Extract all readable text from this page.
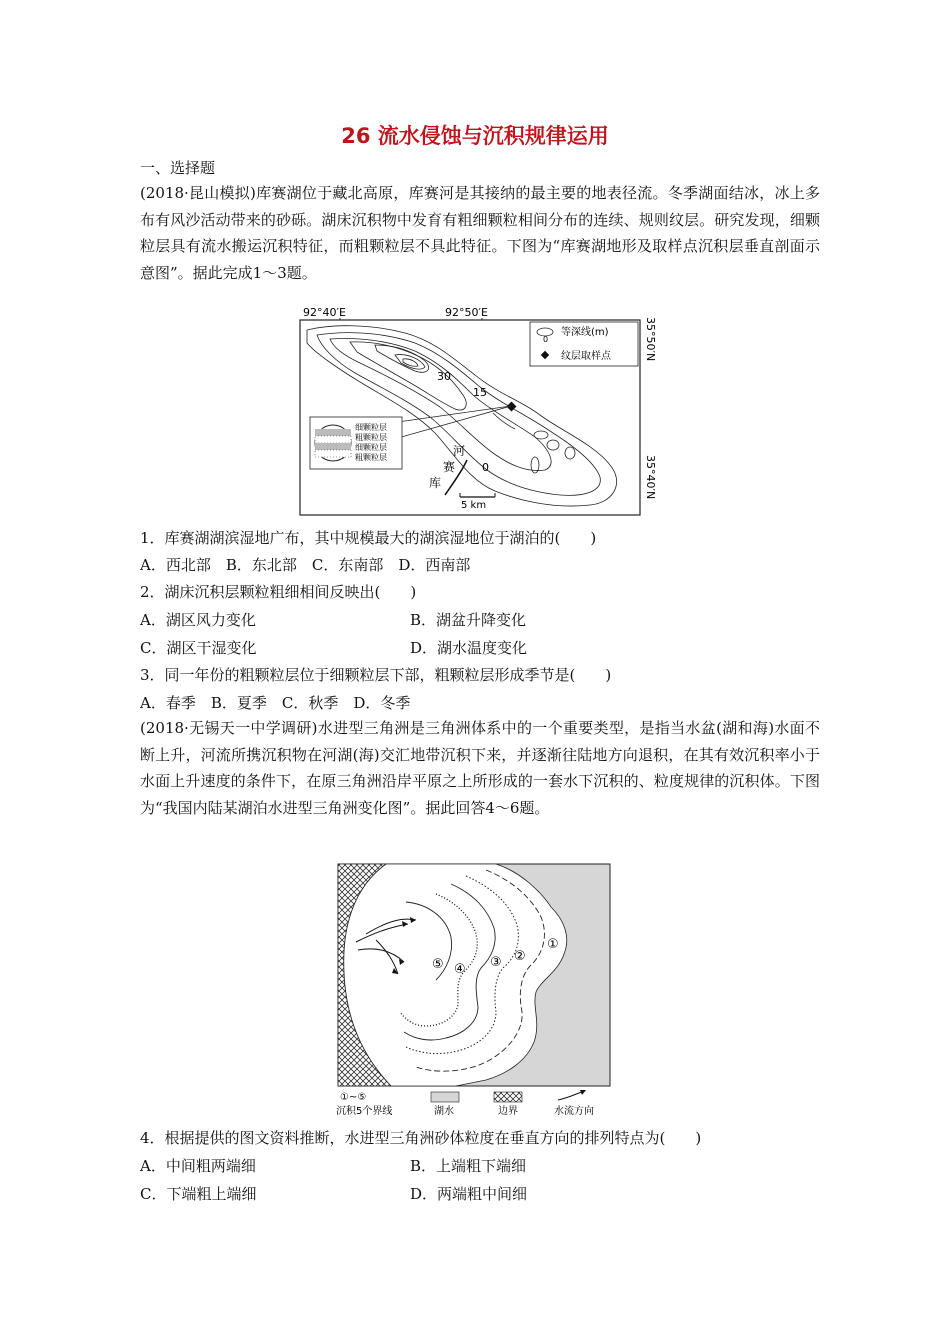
26 流水侵蚀与沉积规律运用
一、选择题

(2018·昆山模拟)库赛湖位于藏北高原，库赛河是其接纳的最主要的地表径流。冬季湖面结冰，冰上多布有风沙活动带来的砂砾。湖床沉积物中发育有粗细颗粒相间分布的连续、规则纹层。研究发现，细颗粒层具有流水搬运沉积特征，而粗颗粒层不具此特征。下图为“库赛湖地形及取样点沉积层垂直剖面示意图”。据此完成1～3题。

92°40′E	92°50′E
35°50′N
35°40′N
30
15
0
细颗粒层
粗颗粒层
细颗粒层
粗颗粒层	河
赛
库
5 km
0
等深线(m)
纹层取样点
1．库赛湖湖滨湿地广布，其中规模最大的湖滨湿地位于湖泊的(　　)
A．西北部　B．东北部　C．东南部　D．西南部
2．湖床沉积层颗粒粗细相间反映出(　　)
A．湖区风力变化	B．湖盆升降变化
C．湖区干湿变化	D．湖水温度变化
3．同一年份的粗颗粒层位于细颗粒层下部，粗颗粒层形成季节是(　　)
A．春季　B．夏季　C．秋季　D．冬季

(2018·无锡天一中学调研)水进型三角洲是三角洲体系中的一个重要类型，是指当水盆(湖和海)水面不断上升，河流所携沉积物在河湖(海)交汇地带沉积下来，并逐渐往陆地方向退积，在其有效沉积率小于水面上升速度的条件下，在原三角洲沿岸平原之上所形成的一套水下沉积的、粒度规律的沉积体。下图为“我国内陆某湖泊水进型三角洲变化图”。据此回答4～6题。

⑤ ④ ③ ②
①
①~⑤
沉积5个界线	湖水	边界	水流方向
4．根据提供的图文资料推断，水进型三角洲砂体粒度在垂直方向的排列特点为(　　)
A．中间粗两端细	B．上端粗下端细
C．下端粗上端细	D．两端粗中间细
